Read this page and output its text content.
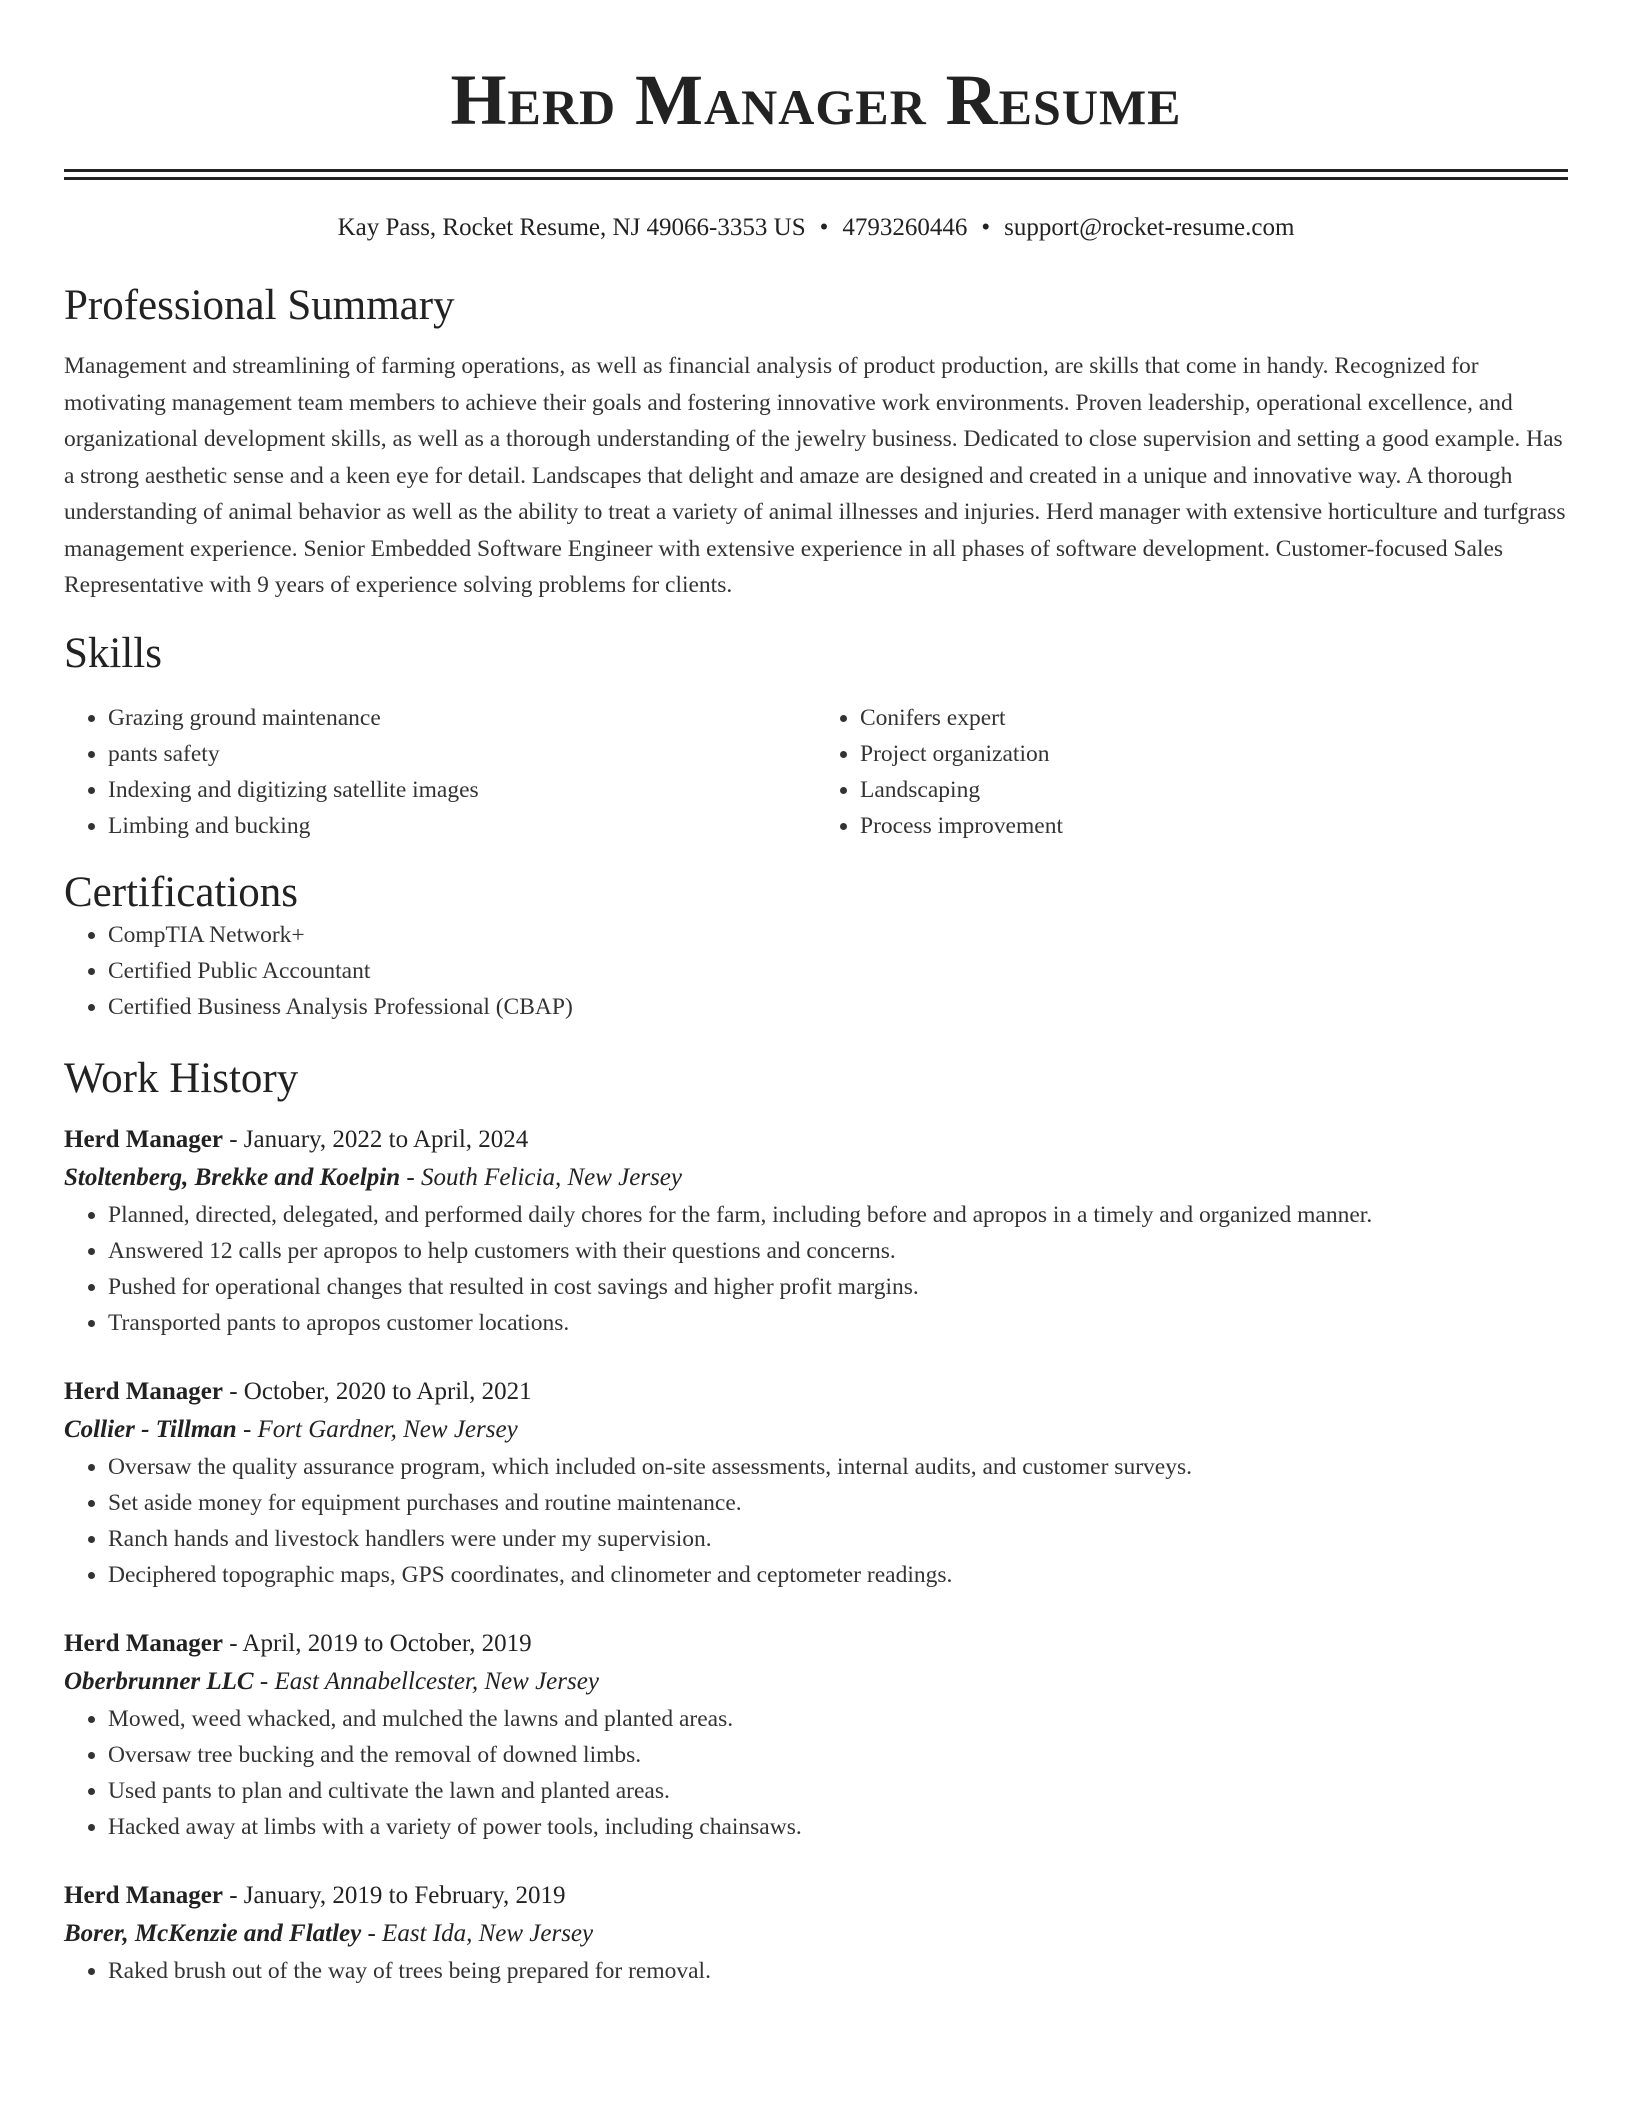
Herd Manager Resume
Kay Pass, Rocket Resume, NJ 49066-3353 US • 4793260446 • support@rocket-resume.com
Professional Summary

Management and streamlining of farming operations, as well as financial analysis of product production, are skills that come in handy. Recognized for motivating management team members to achieve their goals and fostering innovative work environments. Proven leadership, operational excellence, and organizational development skills, as well as a thorough understanding of the jewelry business. Dedicated to close supervision and setting a good example. Has a strong aesthetic sense and a keen eye for detail. Landscapes that delight and amaze are designed and created in a unique and innovative way. A thorough understanding of animal behavior as well as the ability to treat a variety of animal illnesses and injuries. Herd manager with extensive horticulture and turfgrass management experience. Senior Embedded Software Engineer with extensive experience in all phases of software development. Customer-focused Sales Representative with 9 years of experience solving problems for clients.

Skills
• Grazing ground maintenance
• pants safety
• Indexing and digitizing satellite images
• Limbing and bucking
• Conifers expert
• Project organization
• Landscaping
• Process improvement
Certifications
• CompTIA Network+
• Certified Public Accountant
• Certified Business Analysis Professional (CBAP)
Work History
Herd Manager - January, 2022 to April, 2024
Stoltenberg, Brekke and Koelpin - South Felicia, New Jersey
• Planned, directed, delegated, and performed daily chores for the farm, including before and apropos in a timely and organized manner.
• Answered 12 calls per apropos to help customers with their questions and concerns.
• Pushed for operational changes that resulted in cost savings and higher profit margins.
• Transported pants to apropos customer locations.
Herd Manager - October, 2020 to April, 2021
Collier - Tillman - Fort Gardner, New Jersey
• Oversaw the quality assurance program, which included on-site assessments, internal audits, and customer surveys.
• Set aside money for equipment purchases and routine maintenance.
• Ranch hands and livestock handlers were under my supervision.
• Deciphered topographic maps, GPS coordinates, and clinometer and ceptometer readings.
Herd Manager - April, 2019 to October, 2019
Oberbrunner LLC - East Annabellcester, New Jersey
• Mowed, weed whacked, and mulched the lawns and planted areas.
• Oversaw tree bucking and the removal of downed limbs.
• Used pants to plan and cultivate the lawn and planted areas.
• Hacked away at limbs with a variety of power tools, including chainsaws.
Herd Manager - January, 2019 to February, 2019
Borer, McKenzie and Flatley - East Ida, New Jersey
• Raked brush out of the way of trees being prepared for removal.
